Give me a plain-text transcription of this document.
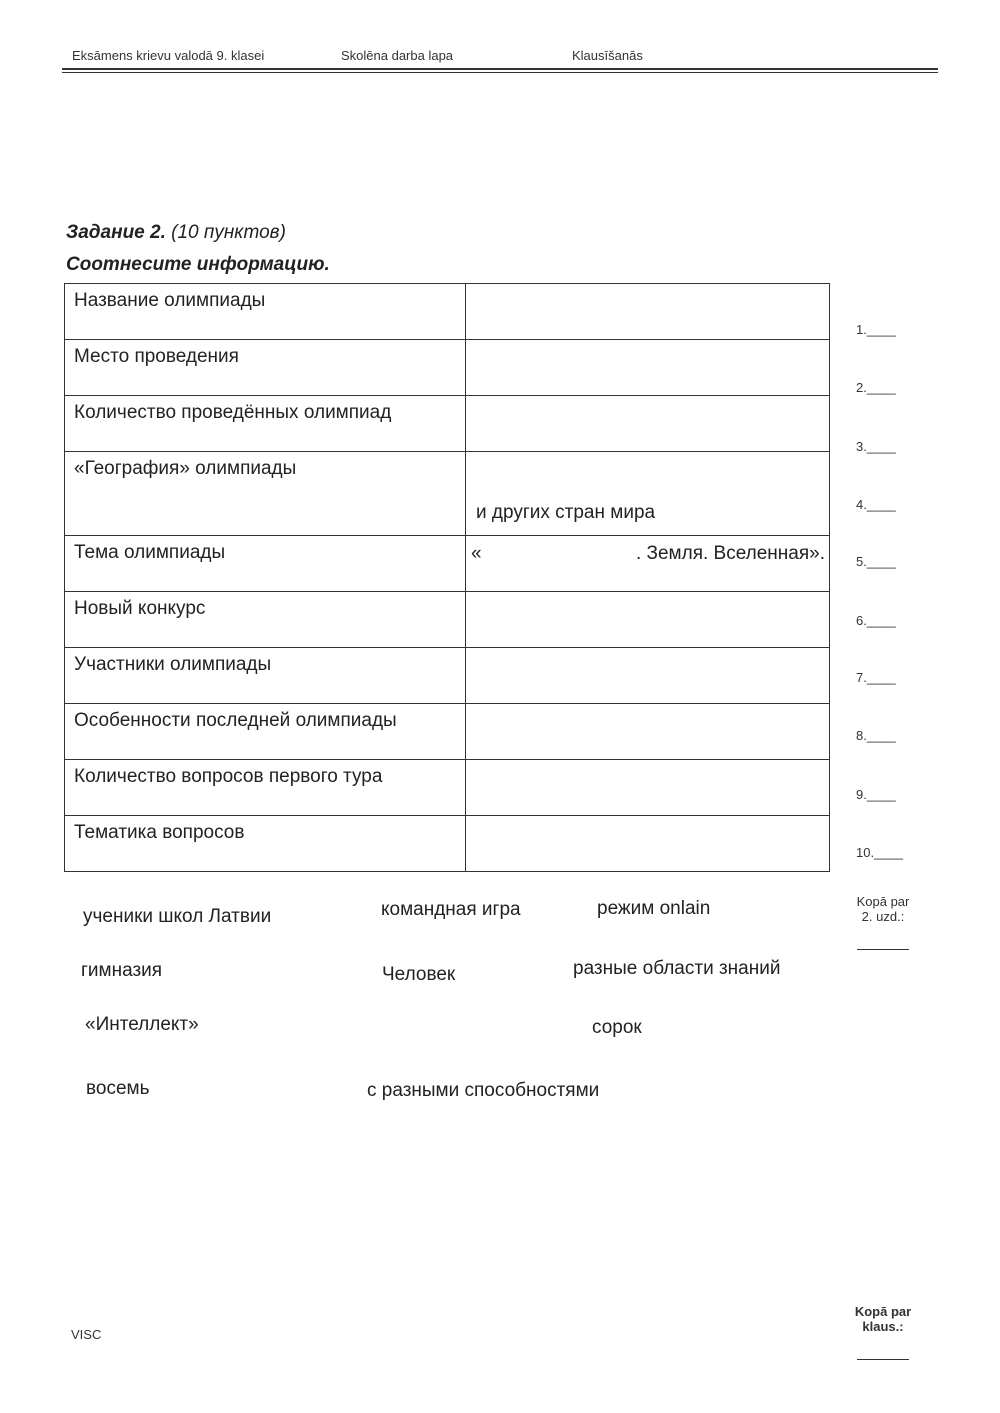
Eksāmens krievu valodā 9. klasei	Skolēna darba lapa	Klausīšanās
Задание 2. (10 пунктов)
Соотнесите информацию.
Название олимпиады	
Место проведения	
Количество проведённых олимпиад	
«География» олимпиады	и других стран мира

Тема олимпиады	« . Земля. Вселенная».

Новый конкурс	
Участники олимпиады	
Особенности последней олимпиады	
Количество вопросов первого тура	
Тематика вопросов	
1.____
2.____
3.____
4.____
5.____
6.____
7.____
8.____
9.____
10.____
ученики школ Латвии	командная игра	режим onlain
гимназия	Человек	разные области знаний
«Интеллект»	сорок
восемь	с разными способностями
Kopā par
2. uzd.:
Kopā par
klaus.:
VISC
